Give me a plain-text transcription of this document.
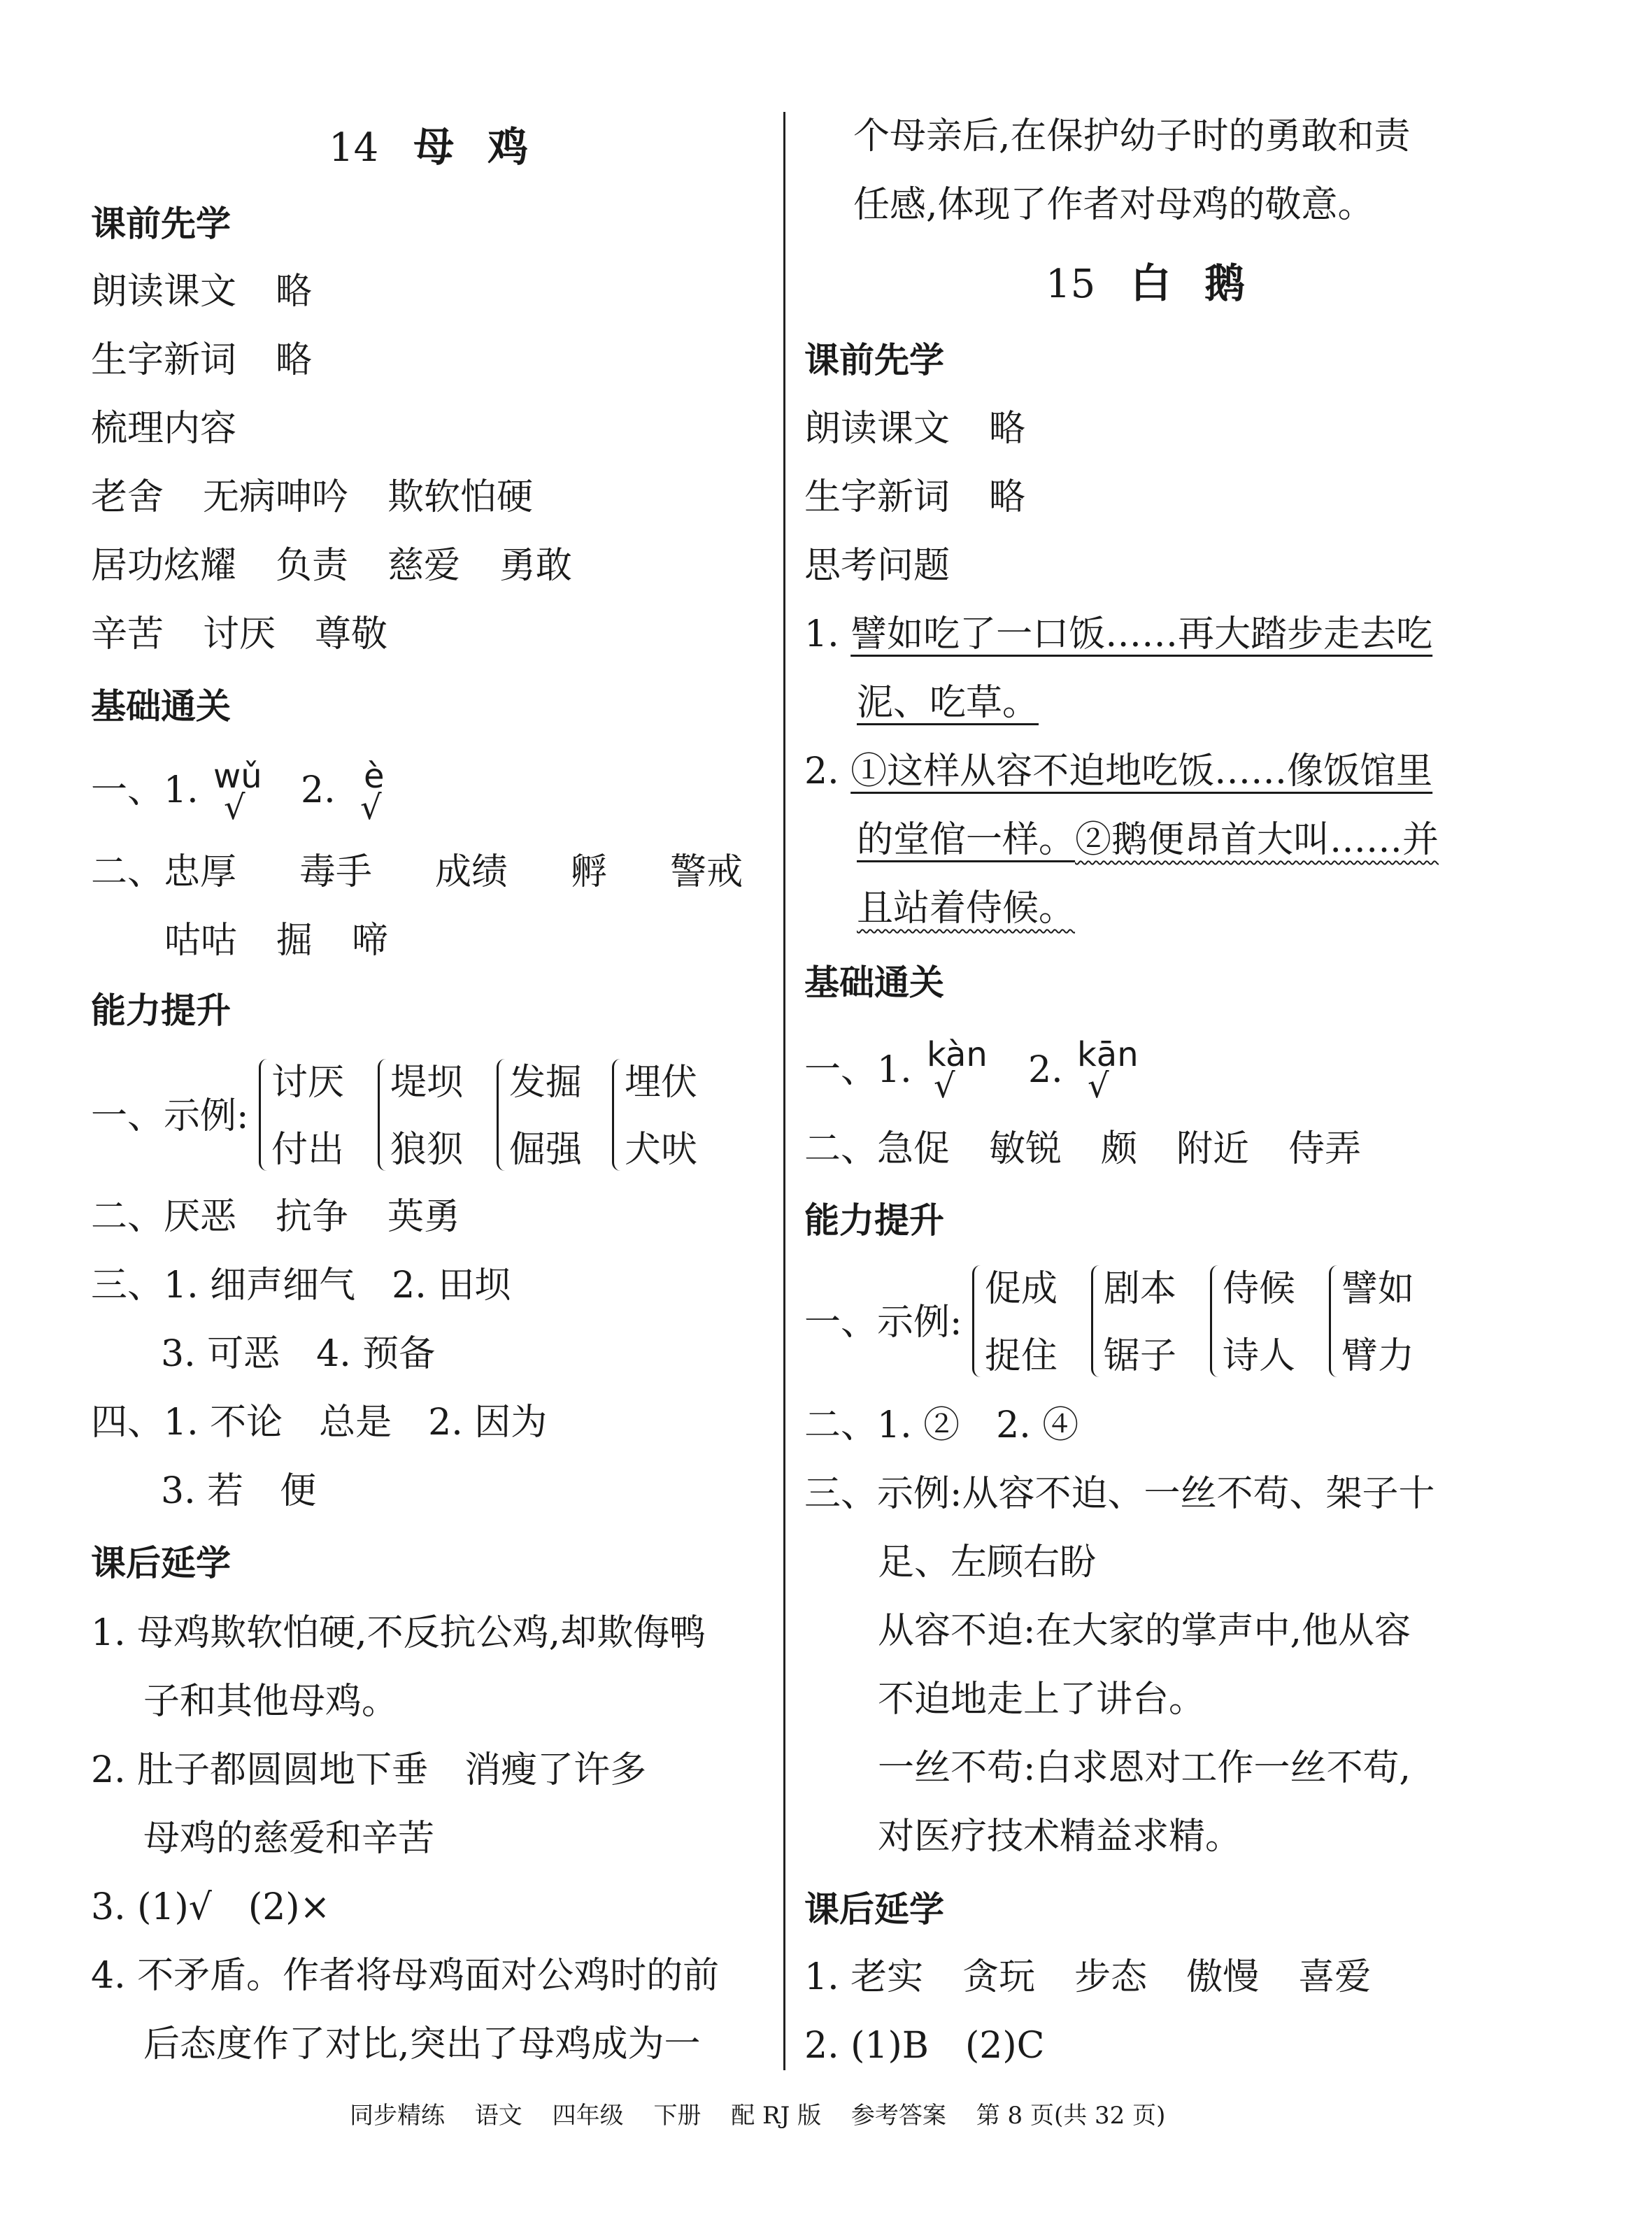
14 母鸡
课前先学
朗读课文 略
生字新词 略
梳理内容
老舍 无病呻吟 欺软怕硬
居功炫耀 负责 慈爱 勇敢
辛苦 讨厌 尊敬
基础通关
一、1. wǔ
√ 2. è
√
二、忠厚 毒手 成绩 孵 警戒
咕咕 掘 啼
能力提升
一、示例:
讨厌
付出
堤坝
狼狈
发掘
倔强
埋伏
犬吠
二、厌恶 抗争 英勇
三、1. 细声细气　2. 田坝
3. 可恶　4. 预备
四、1. 不论　总是　2. 因为
3. 若　便
课后延学
1. 母鸡欺软怕硬,不反抗公鸡,却欺侮鸭
子和其他母鸡。
2. 肚子都圆圆地下垂　消瘦了许多
母鸡的慈爱和辛苦
3. (1)√　(2)×
4. 不矛盾。作者将母鸡面对公鸡时的前
后态度作了对比,突出了母鸡成为一
个母亲后,在保护幼子时的勇敢和责
任感,体现了作者对母鸡的敬意。
15 白鹅
课前先学
朗读课文 略
生字新词 略
思考问题
1. 譬如吃了一口饭……再大踏步走去吃
泥、吃草。
2. ①这样从容不迫地吃饭……像饭馆里
的堂倌一样。②鹅便昂首大叫……并
且站着侍候。
基础通关
一、1. kàn
√ 2. kān
√
二、急促 敏锐 颇 附近 侍弄
能力提升
一、示例:
促成
捉住
剧本
锯子
侍候
诗人
譬如
臂力
二、1. ②　2. ④
三、示例:从容不迫、一丝不苟、架子十
足、左顾右盼
从容不迫:在大家的掌声中,他从容
不迫地走上了讲台。
一丝不苟:白求恩对工作一丝不苟,
对医疗技术精益求精。
课后延学
1. 老实 贪玩 步态 傲慢 喜爱
2. (1)B　(2)C
同步精练 语文 四年级 下册 配 RJ 版 参考答案 第 8 页(共 32 页)
